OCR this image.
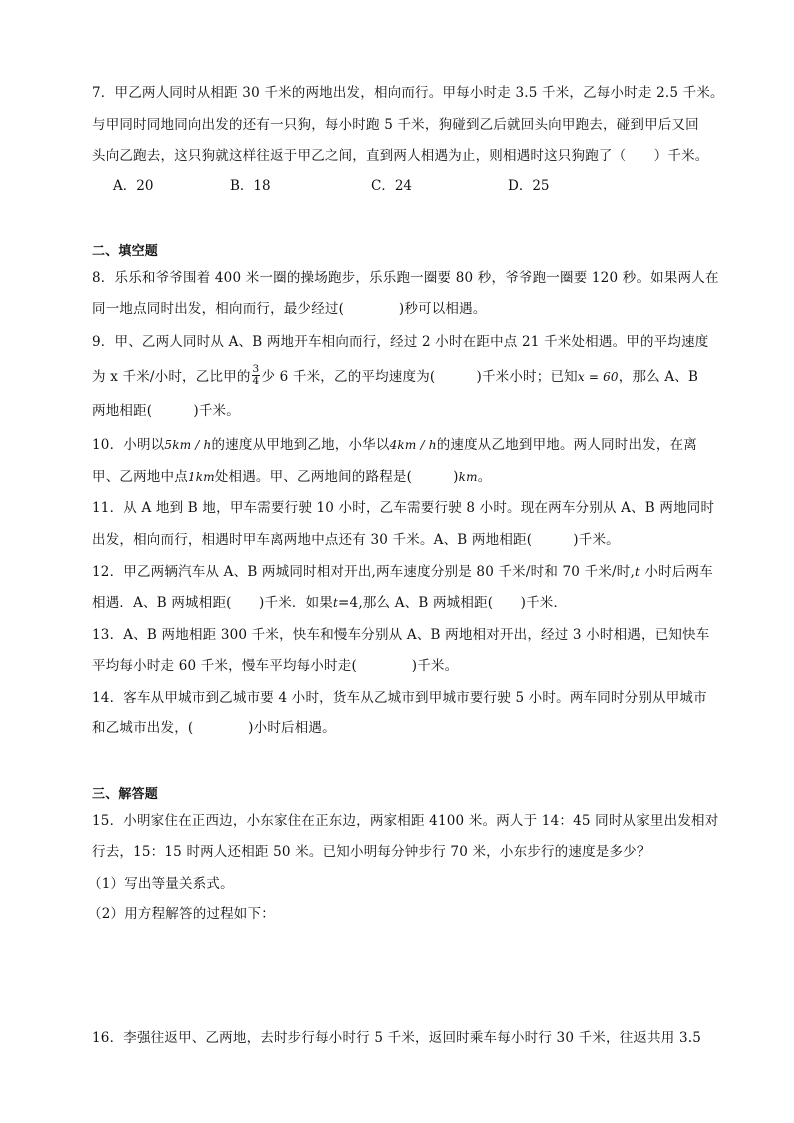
7．甲乙两人同时从相距 30 千米的两地出发，相向而行。甲每小时走 3.5 千米，乙每小时走 2.5 千米。
与甲同时同地同向出发的还有一只狗，每小时跑 5 千米，狗碰到乙后就回头向甲跑去，碰到甲后又回
头向乙跑去，这只狗就这样往返于甲乙之间，直到两人相遇为止，则相遇时这只狗跑了（　　）千米。
A．20	B．18	C．24	D．25
二、填空题
8．乐乐和爷爷围着 400 米一圈的操场跑步，乐乐跑一圈要 80 秒，爷爷跑一圈要 120 秒。如果两人在
同一地点同时出发，相向而行，最少经过(　　　　)秒可以相遇。
9．甲、乙两人同时从 A、B 两地开车相向而行，经过 2 小时在距中点 21 千米处相遇。甲的平均速度
为 x 千米/小时，乙比甲的 $\frac{3}{4}$ 少 6 千米，乙的平均速度为(　　　)千米小时；已知x = 60，那么 A、B
两地相距(　　　)千米。
10．小明以5km / h的速度从甲地到乙地，小华以4km / h的速度从乙地到甲地。两人同时出发，在离
甲、乙两地中点1km处相遇。甲、乙两地间的路程是(　　　)km。
11．从 A 地到 B 地，甲车需要行驶 10 小时，乙车需要行驶 8 小时。现在两车分别从 A、B 两地同时
出发，相向而行，相遇时甲车离两地中点还有 30 千米。A、B 两地相距(　　　)千米。
12．甲乙两辆汽车从 A、B 两城同时相对开出,两车速度分别是 80 千米/时和 70 千米/时,t 小时后两车
相遇．A、B 两城相距(　　)千米．如果t=4,那么 A、B 两城相距(　　)千米．
13．A、B 两地相距 300 千米，快车和慢车分别从 A、B 两地相对开出，经过 3 小时相遇，已知快车
平均每小时走 60 千米，慢车平均每小时走(　　　　)千米。
14．客车从甲城市到乙城市要 4 小时，货车从乙城市到甲城市要行驶 5 小时。两车同时分别从甲城市
和乙城市出发，(　　　　)小时后相遇。
三、解答题
15．小明家住在正西边，小东家住在正东边，两家相距 4100 米。两人于 14：45 同时从家里出发相对
行去，15：15 时两人还相距 50 米。已知小明每分钟步行 70 米，小东步行的速度是多少？
（1）写出等量关系式。
（2）用方程解答的过程如下：
16．李强往返甲、乙两地，去时步行每小时行 5 千米，返回时乘车每小时行 30 千米，往返共用 3.5
